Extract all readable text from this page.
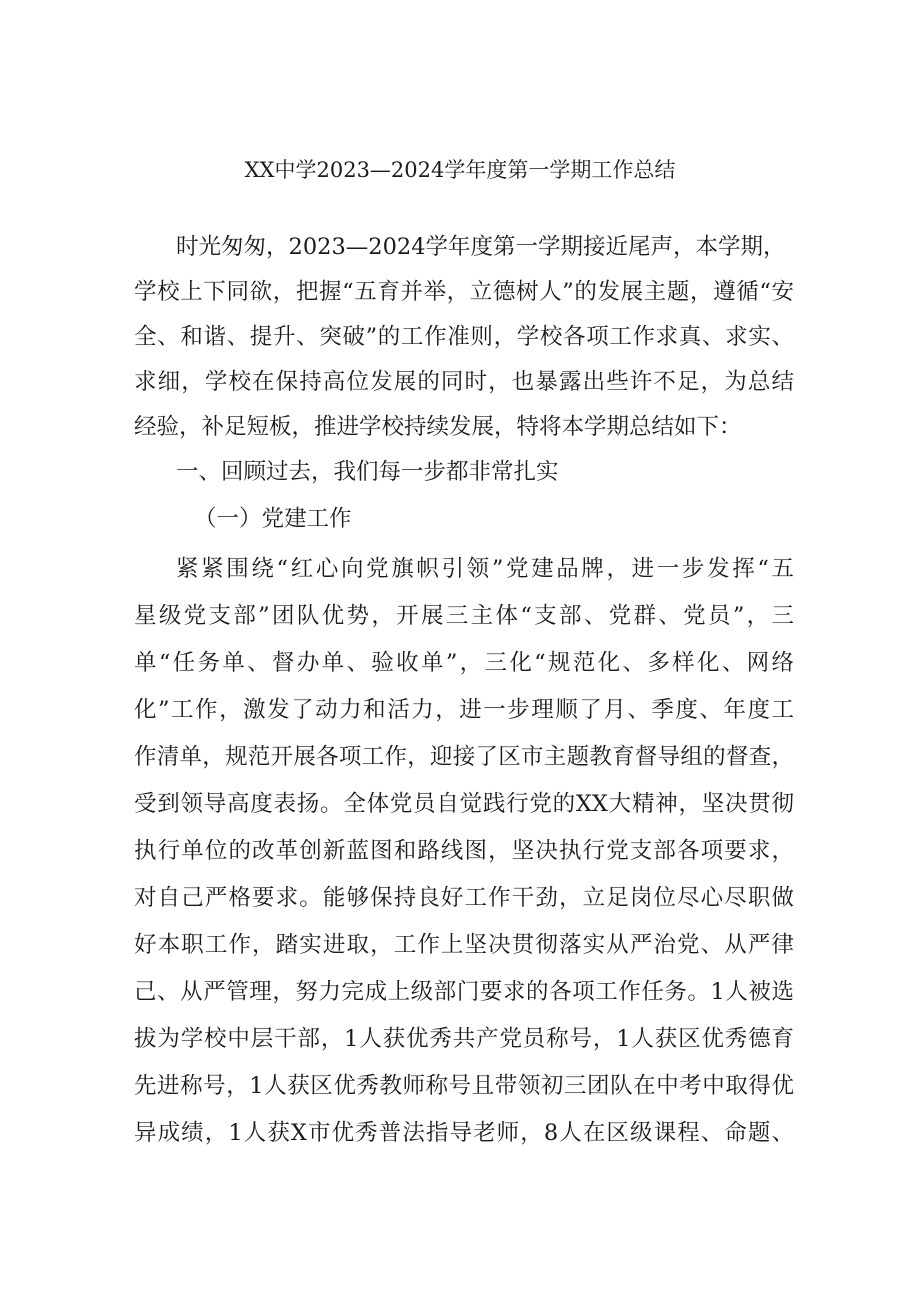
XX中学2023—2024学年度第一学期工作总结
时光匆匆，2023—2024学年度第一学期接近尾声，本学期，
学校上下同欲，把握“五育并举，立德树人”的发展主题，遵循“安
全、和谐、提升、突破”的工作准则，学校各项工作求真、求实、
求细，学校在保持高位发展的同时，也暴露出些许不足，为总结
经验，补足短板，推进学校持续发展，特将本学期总结如下：
一、回顾过去，我们每一步都非常扎实
（一）党建工作
紧紧围绕“红心向党旗帜引领”党建品牌，进一步发挥“五
星级党支部”团队优势，开展三主体“支部、党群、党员”，三
单“任务单、督办单、验收单”，三化“规范化、多样化、网络
化”工作，激发了动力和活力，进一步理顺了月、季度、年度工
作清单，规范开展各项工作，迎接了区市主题教育督导组的督查，
受到领导高度表扬。全体党员自觉践行党的XX大精神，坚决贯彻
执行单位的改革创新蓝图和路线图，坚决执行党支部各项要求，
对自己严格要求。能够保持良好工作干劲，立足岗位尽心尽职做
好本职工作，踏实进取，工作上坚决贯彻落实从严治党、从严律
己、从严管理，努力完成上级部门要求的各项工作任务。1人被选
拔为学校中层干部，1人获优秀共产党员称号，1人获区优秀德育
先进称号，1人获区优秀教师称号且带领初三团队在中考中取得优
异成绩，1人获X市优秀普法指导老师，8人在区级课程、命题、
